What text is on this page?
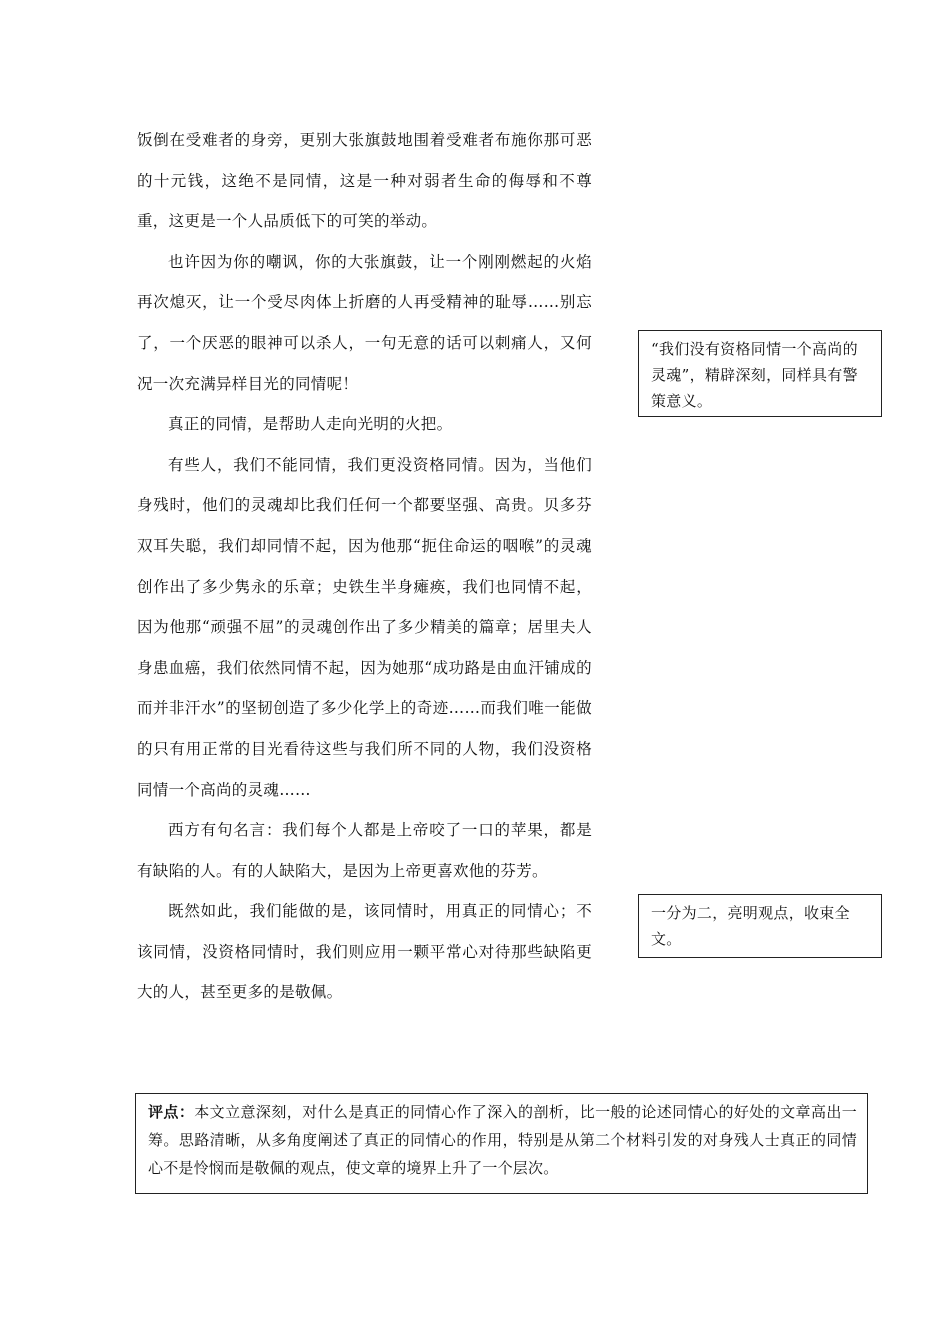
饭倒在受难者的身旁，更别大张旗鼓地围着受难者布施你那可恶的十元钱，这绝不是同情，这是一种对弱者生命的侮辱和不尊重，这更是一个人品质低下的可笑的举动。

也许因为你的嘲讽，你的大张旗鼓，让一个刚刚燃起的火焰再次熄灭，让一个受尽肉体上折磨的人再受精神的耻辱……别忘了，一个厌恶的眼神可以杀人，一句无意的话可以刺痛人，又何况一次充满异样目光的同情呢！

真正的同情，是帮助人走向光明的火把。

有些人，我们不能同情，我们更没资格同情。因为，当他们身残时，他们的灵魂却比我们任何一个都要坚强、高贵。贝多芬双耳失聪，我们却同情不起，因为他那“扼住命运的咽喉”的灵魂创作出了多少隽永的乐章；史铁生半身瘫痪，我们也同情不起，因为他那“顽强不屈”的灵魂创作出了多少精美的篇章；居里夫人身患血癌，我们依然同情不起，因为她那“成功路是由血汗铺成的而并非汗水”的坚韧创造了多少化学上的奇迹……而我们唯一能做的只有用正常的目光看待这些与我们所不同的人物，我们没资格同情一个高尚的灵魂……

西方有句名言：我们每个人都是上帝咬了一口的苹果，都是有缺陷的人。有的人缺陷大，是因为上帝更喜欢他的芬芳。

既然如此，我们能做的是，该同情时，用真正的同情心；不该同情，没资格同情时，我们则应用一颗平常心对待那些缺陷更大的人，甚至更多的是敬佩。

“我们没有资格同情一个高尚的灵魂”，精辟深刻，同样具有警策意义。
一分为二，亮明观点，收束全文。
评点：本文立意深刻，对什么是真正的同情心作了深入的剖析，比一般的论述同情心的好处的文章高出一筹。思路清晰，从多角度阐述了真正的同情心的作用，特别是从第二个材料引发的对身残人士真正的同情心不是怜悯而是敬佩的观点，使文章的境界上升了一个层次。
